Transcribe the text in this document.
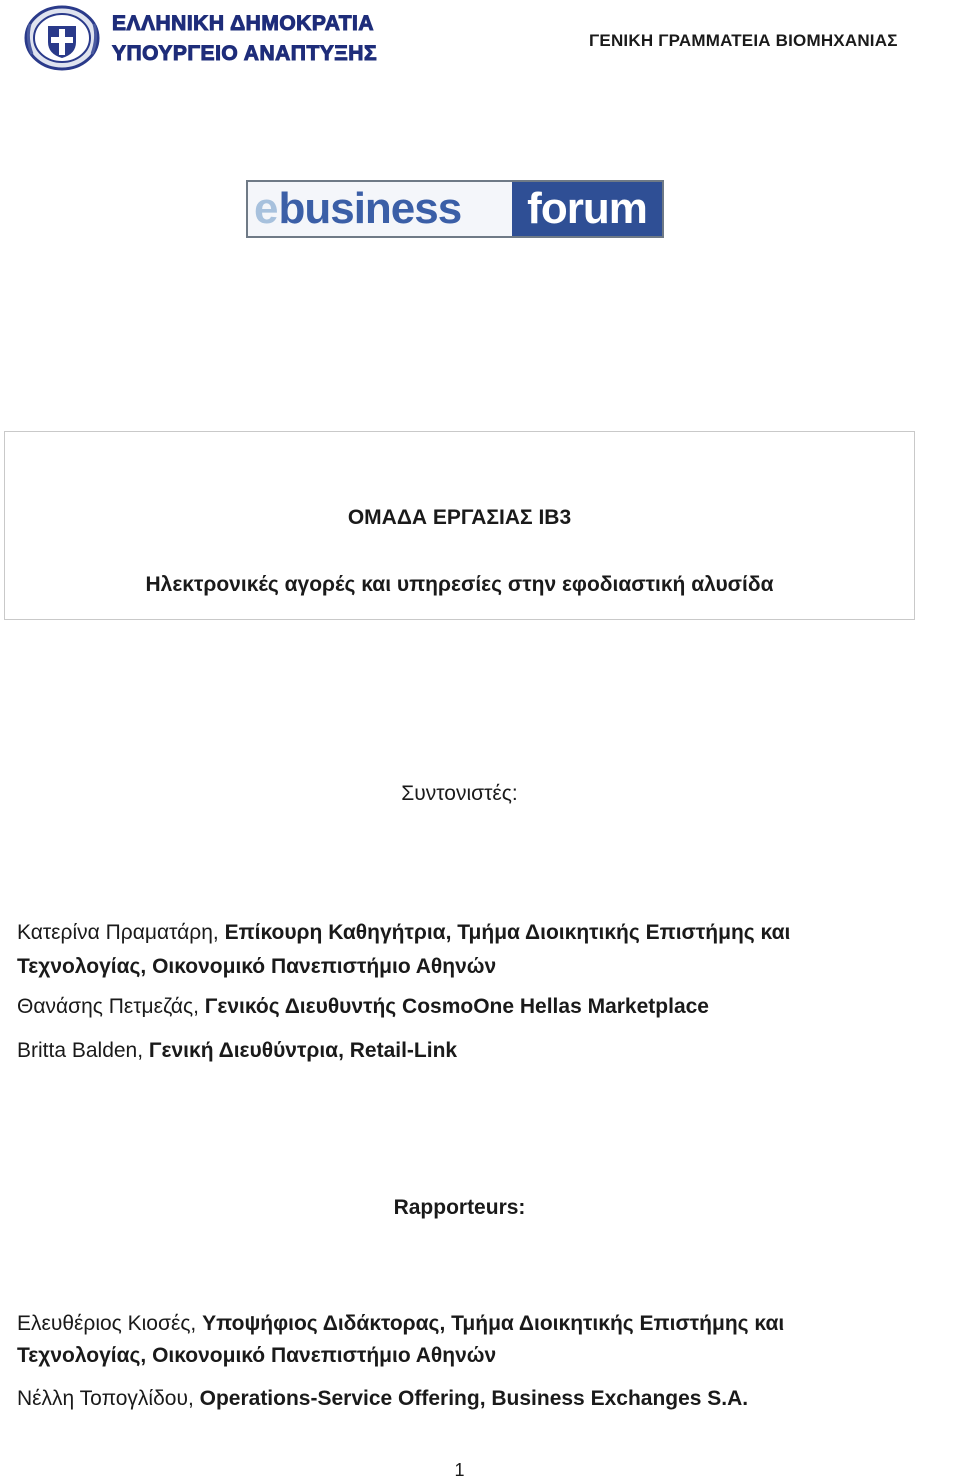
ΕΛΛΗΝΙΚΗ ΔΗΜΟΚΡΑΤΙΑ
ΥΠΟΥΡΓΕΙΟ ΑΝΑΠΤΥΞΗΣ
ΓΕΝΙΚΗ ΓΡΑΜΜΑΤΕΙΑ ΒΙΟΜΗΧΑΝΙΑΣ
e business forum
ΟΜΑΔΑ ΕΡΓΑΣΙΑΣ ΙΒ3
Ηλεκτρονικές αγορές και υπηρεσίες στην εφοδιαστική αλυσίδα
Συντονιστές:
Κατερίνα Πραματάρη, Επίκουρη Καθηγήτρια, Τμήμα Διοικητικής Επιστήμης και Τεχνολογίας, Οικονομικό Πανεπιστήμιο Αθηνών
Θανάσης Πετμεζάς, Γενικός Διευθυντής CosmoOne Hellas Marketplace
Britta Balden, Γενική Διευθύντρια, Retail-Link
Rapporteurs:
Ελευθέριος Κιοσές, Υποψήφιος Διδάκτορας, Τμήμα Διοικητικής Επιστήμης και Τεχνολογίας, Οικονομικό Πανεπιστήμιο Αθηνών
Νέλλη Τοπογλίδου, Operations-Service Offering, Business Exchanges S.A.
1
